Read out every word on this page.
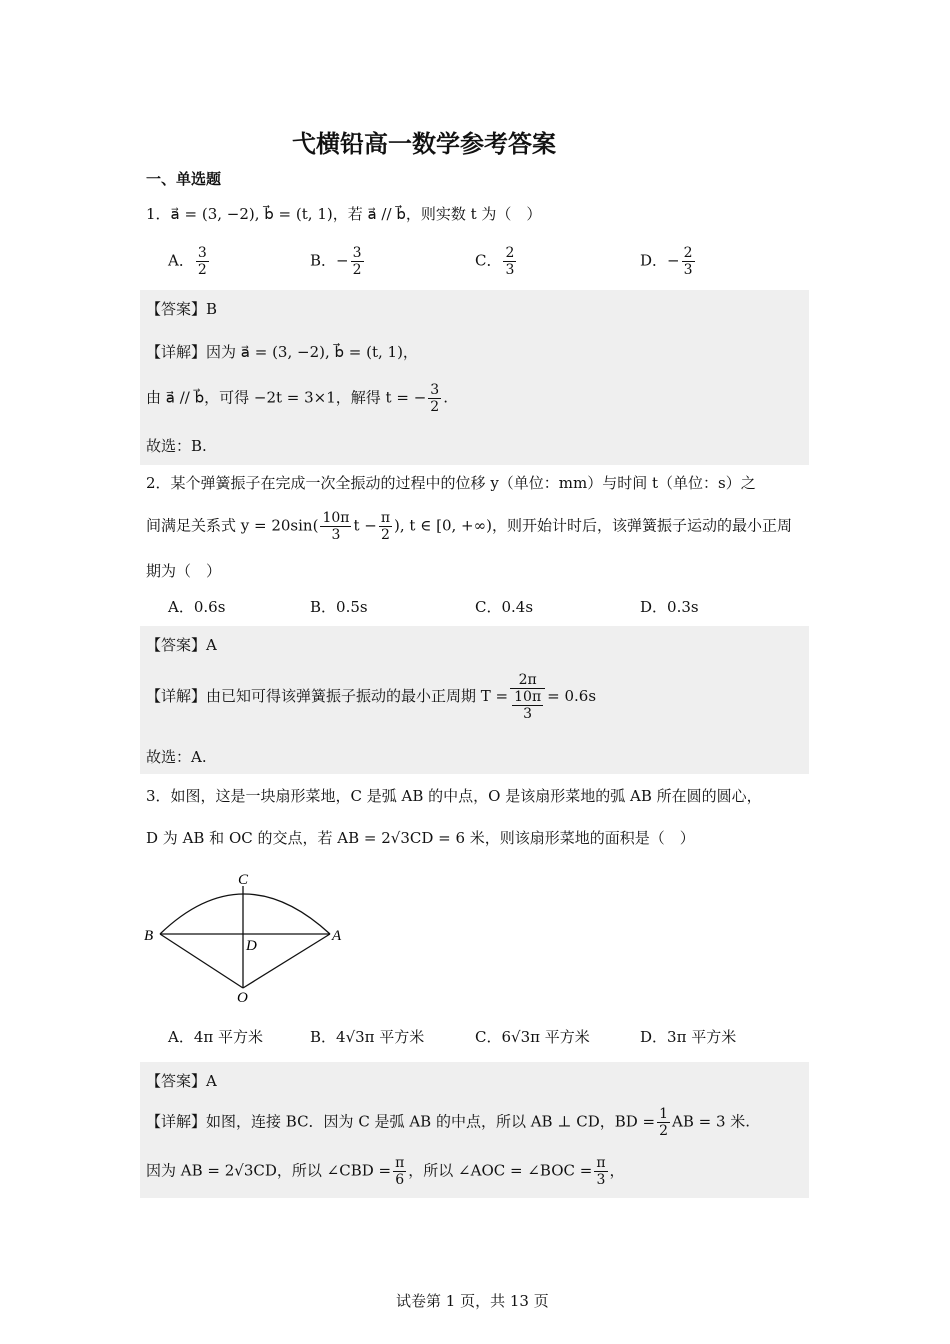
弋横铅高一数学参考答案
一、单选题
1．a⃗ = (3, −2), b⃗ = (t, 1)，若 a⃗ // b⃗，则实数 t 为（　）
A． $\frac{3}{2}$	B．− $\frac{3}{2}$	C． $\frac{2}{3}$	D．− $\frac{2}{3}$
【答案】B
【详解】因为 a⃗ = (3, −2), b⃗ = (t, 1)，
由 a⃗ // b⃗，可得 −2t = 3×1，解得 t = − $\frac{3}{2}$ .
故选：B.
2．某个弹簧振子在完成一次全振动的过程中的位移 y（单位：mm）与时间 t（单位：s）之
间满足关系式 $y = 20\sin( \frac{10\pi}{3}$ $t - \frac{\pi}{2}$ ), t ∈ [0, +∞)，则开始计时后，该弹簧振子运动的最小正周
期为（　）
A．0.6s	B．0.5s	C．0.4s	D．0.3s
【答案】A
【详解】由已知可得该弹簧振子振动的最小正周期 $T = \frac{2\pi}{\frac{10\pi}{3}} = 0.6s$
故选：A.
3．如图，这是一块扇形菜地，C 是弧 AB 的中点，O 是该扇形菜地的弧 AB 所在圆的圆心，
D 为 AB 和 OC 的交点，若 AB = 2√3CD = 6 米，则该扇形菜地的面积是（　）
C
B	A
D
O
A．4π 平方米	B．4√3π 平方米	C．6√3π 平方米	D．3π 平方米
【答案】A
【详解】如图，连接 BC．因为 C 是弧 AB 的中点，所以 AB ⊥ CD，BD = $\frac{1}{2}$ AB = 3 米.
因为 AB = 2√3CD，所以 ∠CBD = $\frac{\pi}{6}$ ，所以 ∠AOC = ∠BOC = $\frac{\pi}{3}$ ，
试卷第 1 页，共 13 页
